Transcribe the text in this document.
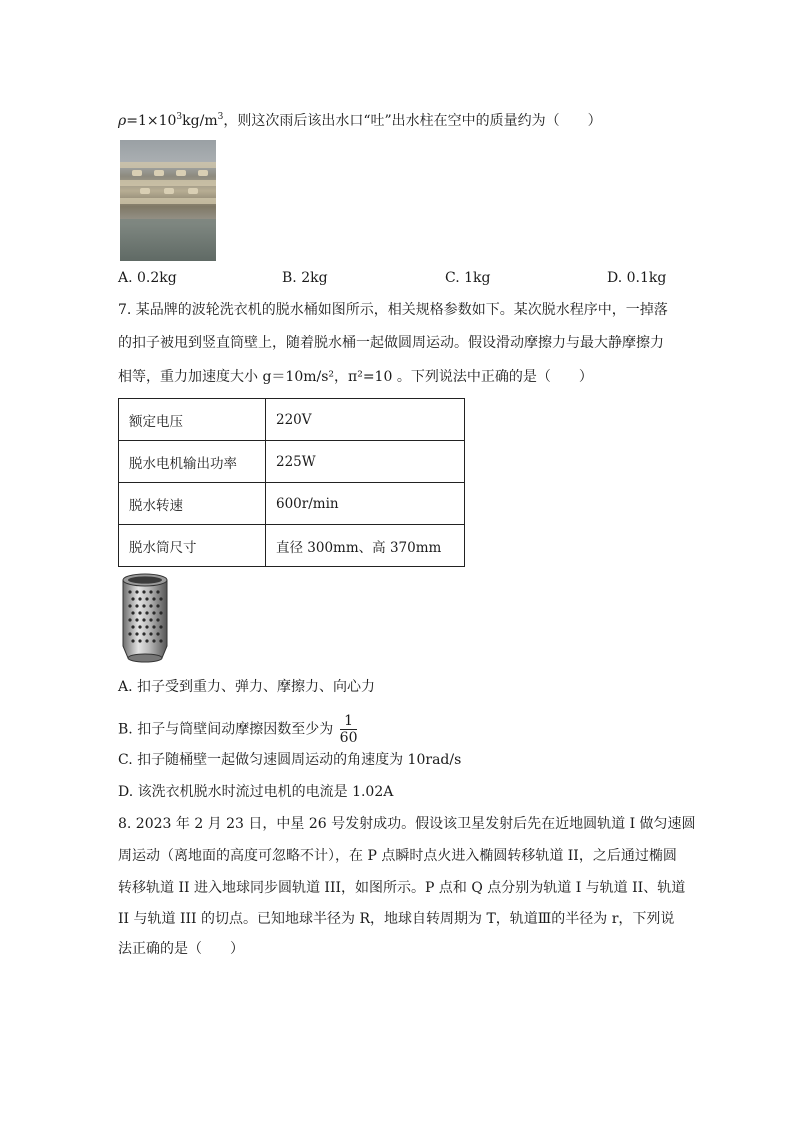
$\rho=1\times 10^3kg/m^3$，则这次雨后该出水口“吐”出水柱在空中的质量约为（　　）
A. 0.2kg	B. 2kg	C. 1kg	D. 0.1kg
7. 某品牌的波轮洗衣机的脱水桶如图所示，相关规格参数如下。某次脱水程序中，一掉落
的扣子被甩到竖直筒壁上，随着脱水桶一起做圆周运动。假设滑动摩擦力与最大静摩擦力
相等，重力加速度大小 g＝10m/s²，π²=10 。下列说法中正确的是（　　）
额定电压	220V
脱水电机输出功率	225W
脱水转速	600r/min
脱水筒尺寸	直径 300mm、高 370mm
A. 扣子受到重力、弹力、摩擦力、向心力
B. 扣子与筒壁间动摩擦因数至少为 $\frac{1}{60}$
C. 扣子随桶壁一起做匀速圆周运动的角速度为 10rad/s
D. 该洗衣机脱水时流过电机的电流是 1.02A
8. 2023 年 2 月 23 日，中星 26 号发射成功。假设该卫星发射后先在近地圆轨道 I 做匀速圆
周运动（离地面的高度可忽略不计），在 P 点瞬时点火进入椭圆转移轨道 II，之后通过椭圆
转移轨道 II 进入地球同步圆轨道 III，如图所示。P 点和 Q 点分别为轨道 I 与轨道 II、轨道
II 与轨道 III 的切点。已知地球半径为 R，地球自转周期为 T，轨道Ⅲ的半径为 r，下列说
法正确的是（　　）
